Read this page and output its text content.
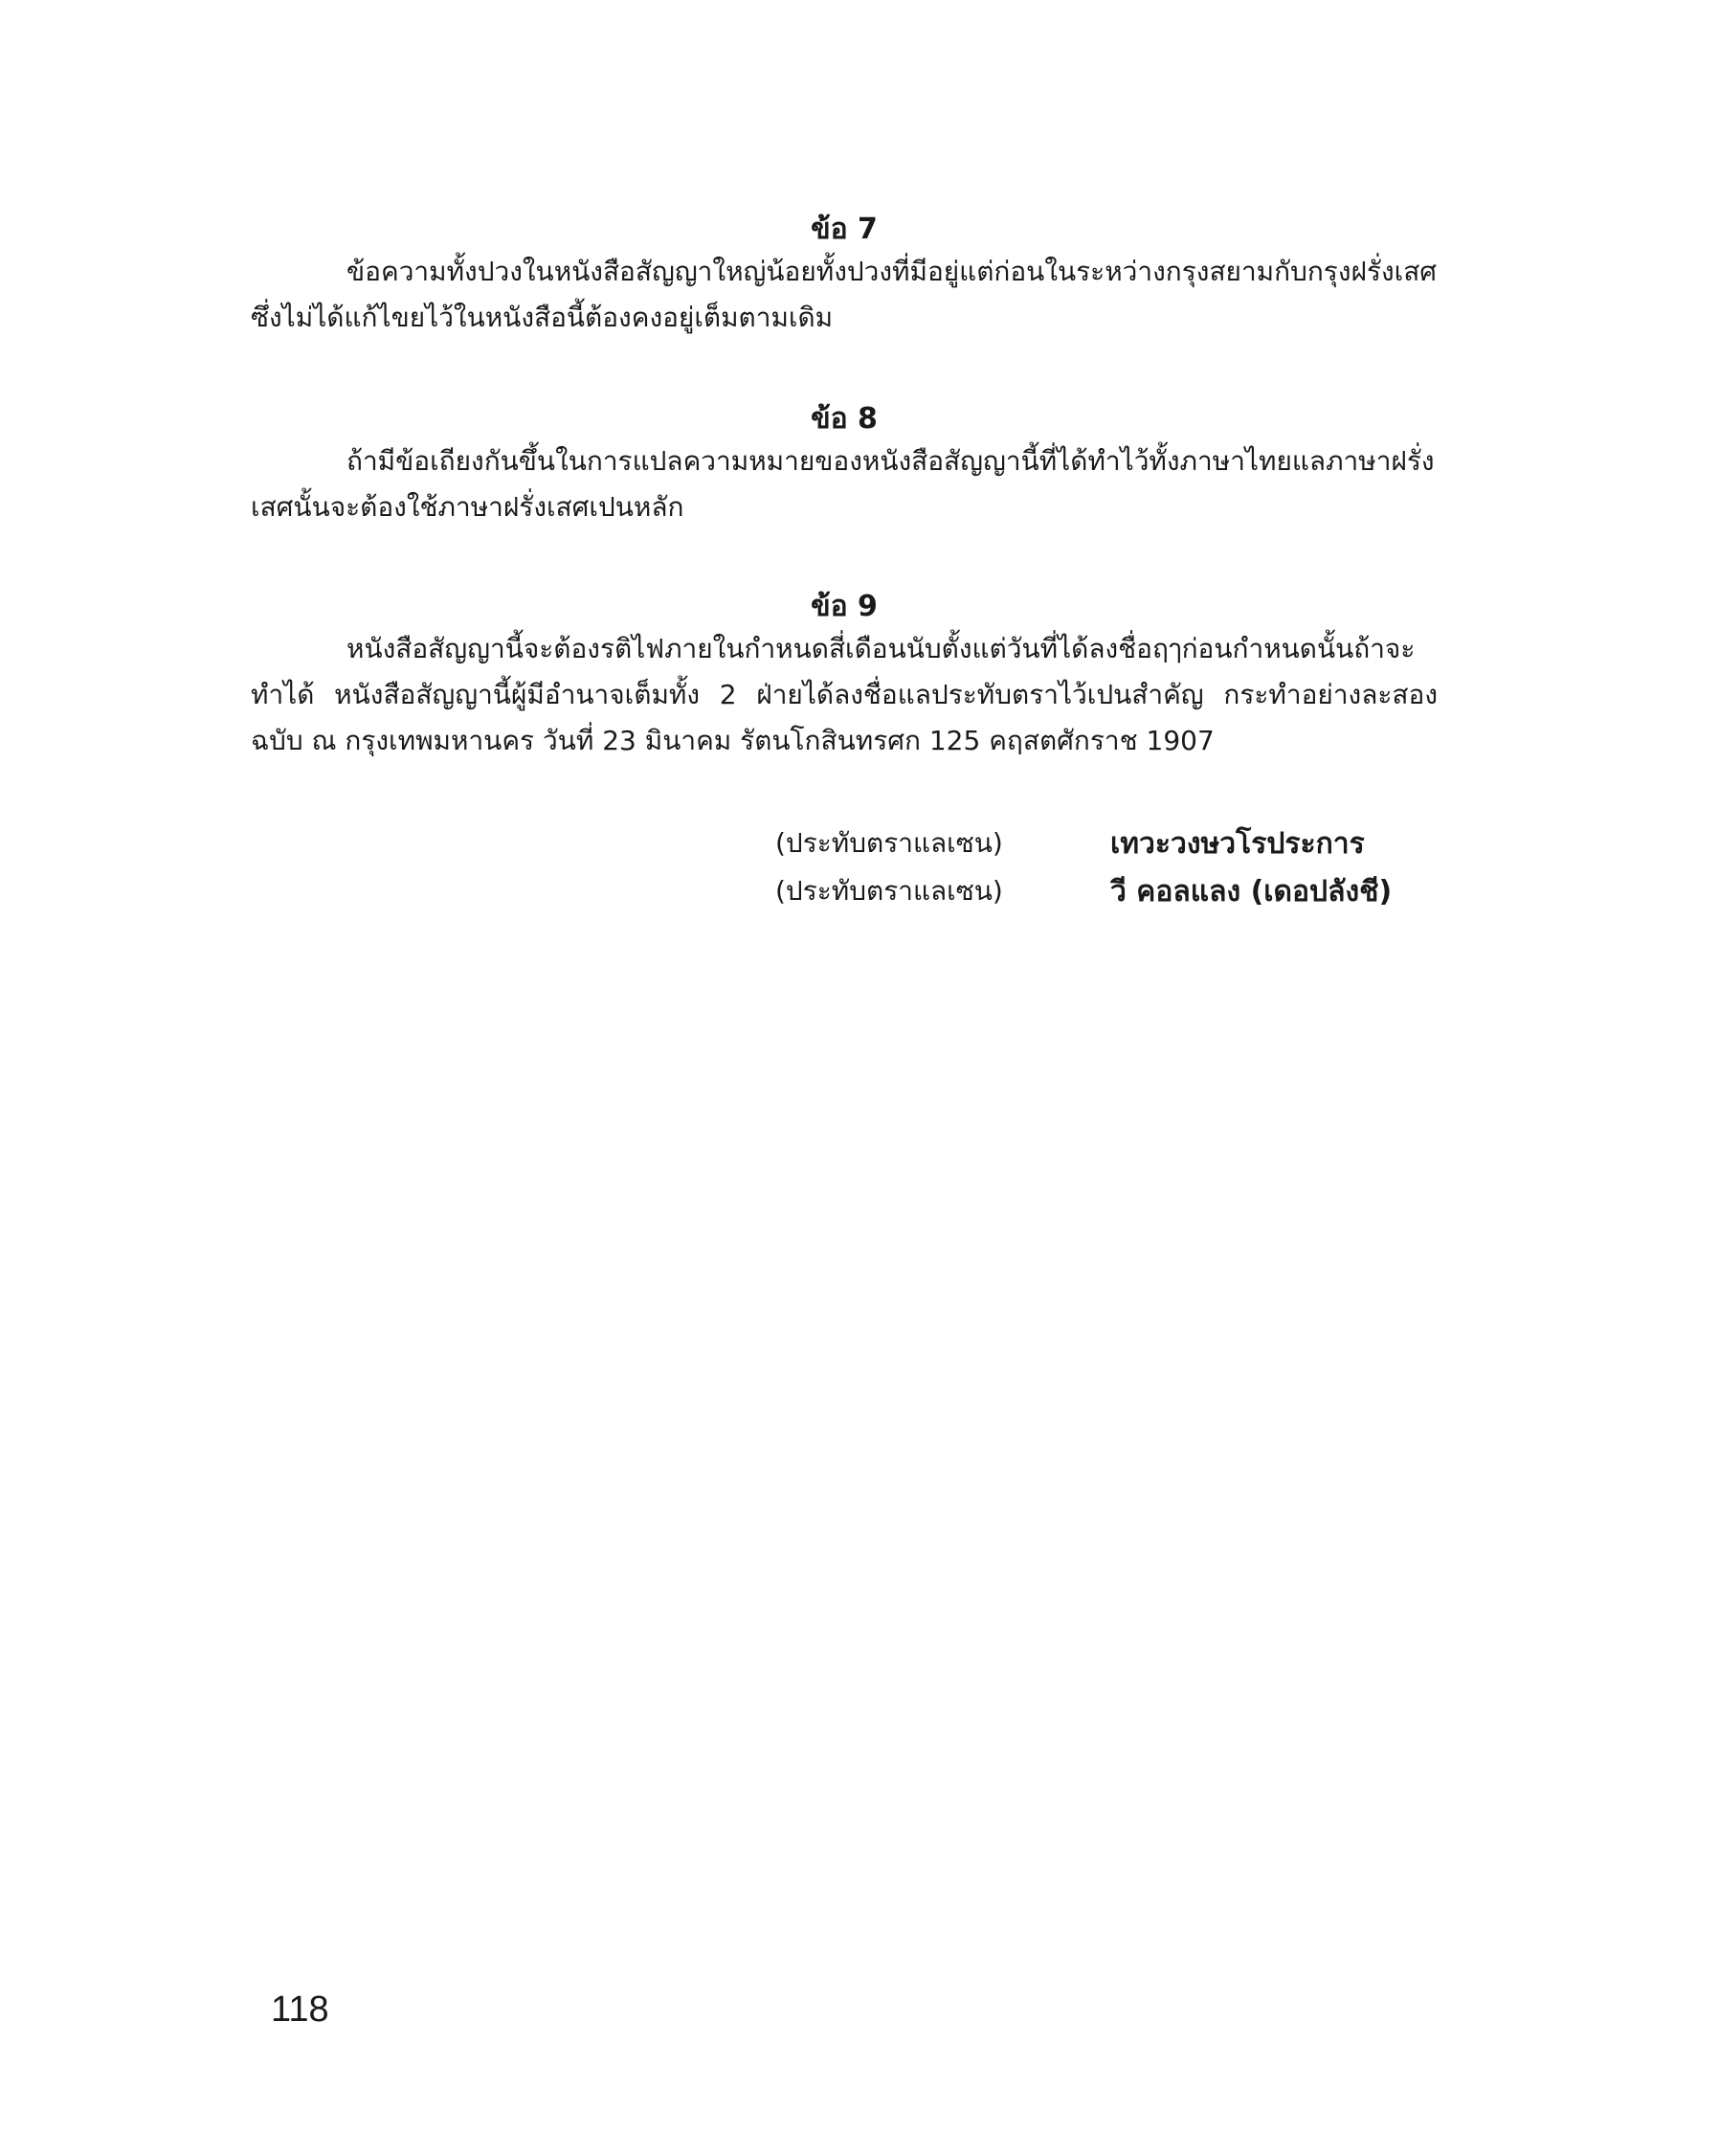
ข้อ 7

ข้อความทั้งปวงในหนังสือสัญญาใหญ่น้อยทั้งปวงที่มีอยู่แต่ก่อนในระหว่างกรุงสยามกับกรุงฝรั่งเสศ ซึ่งไม่ได้แก้ไขยไว้ในหนังสือนี้ต้องคงอยู่เต็มตามเดิม

ข้อ 8

ถ้ามีข้อเถียงกันขึ้นในการแปลความหมายของหนังสือสัญญานี้ที่ได้ทำไว้ทั้งภาษาไทยแลภาษาฝรั่งเสศนั้นจะต้องใช้ภาษาฝรั่งเสศเปนหลัก

ข้อ 9

หนังสือสัญญานี้จะต้องรติไฟภายในกำหนดสี่เดือนนับตั้งแต่วันที่ได้ลงชื่อฤๅก่อนกำหนดนั้นถ้าจะทำได้ หนังสือสัญญานี้ผู้มีอำนาจเต็มทั้ง 2 ฝ่ายได้ลงชื่อแลประทับตราไว้เปนสำคัญ กระทำอย่างละสองฉบับ ณ กรุงเทพมหานคร วันที่ 23 มินาคม รัตนโกสินทรศก 125 คฤสตศักราช 1907

(ประทับตราแลเซน)	เทวะวงษวโรประการ
(ประทับตราแลเซน)	วี คอลแลง (เดอปลังชี)
118
